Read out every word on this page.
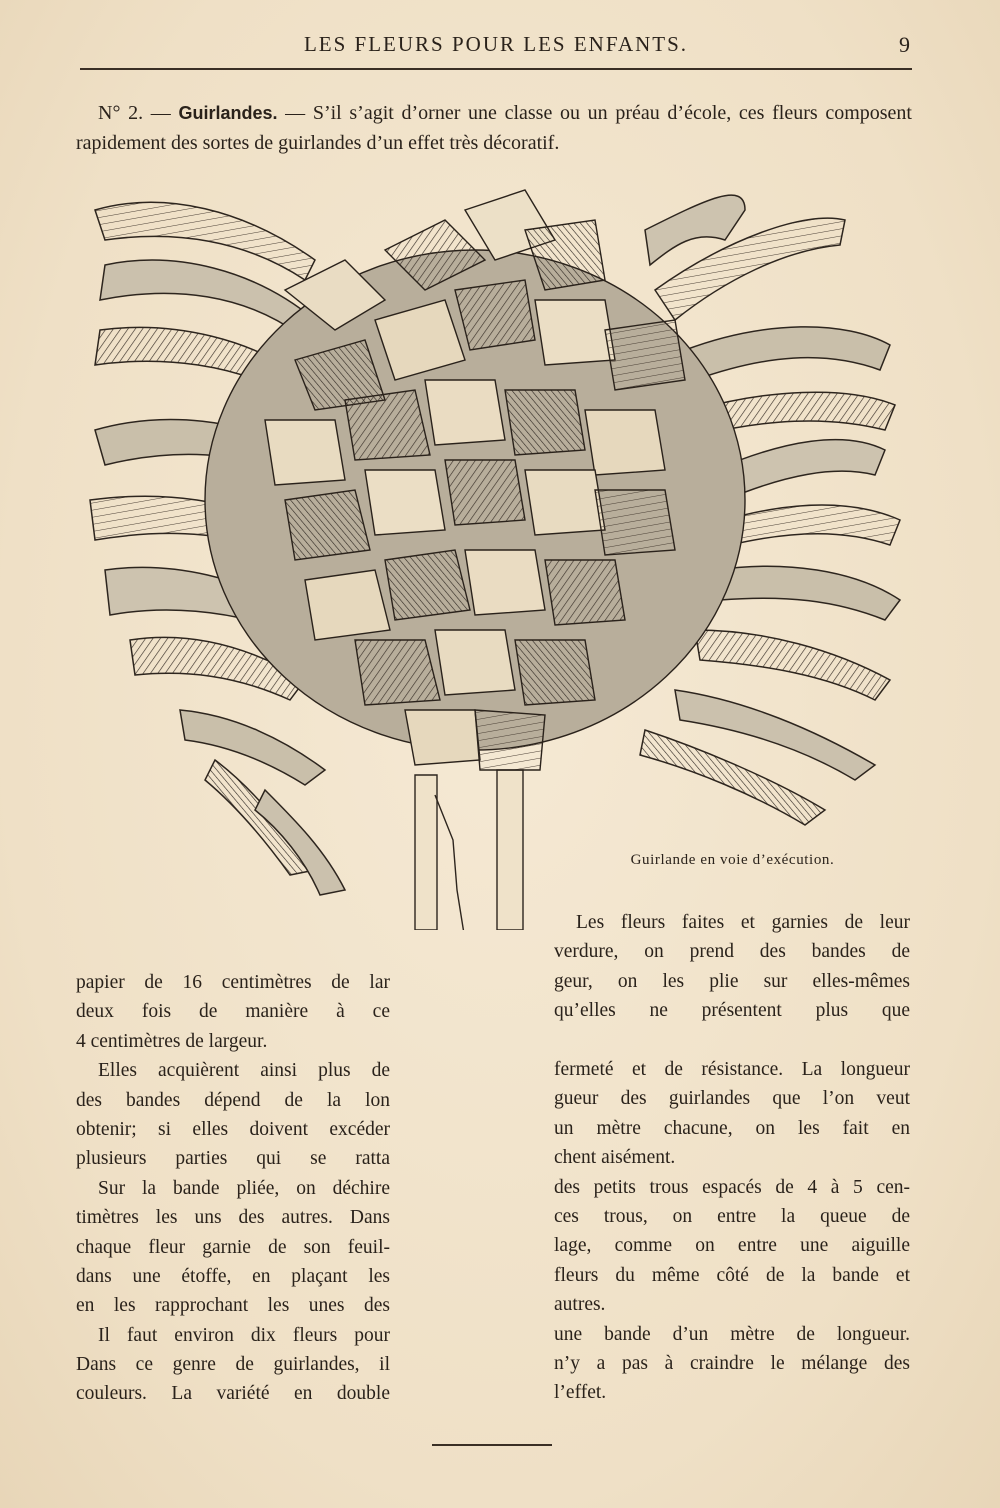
LES FLEURS POUR LES ENFANTS.	9

N° 2. — Guirlandes. — S’il s’agit d’orner une classe ou un préau d’école, ces fleurs composent rapidement des sortes de guirlandes d’un effet très décoratif.

Guirlande en voie d’exécution.
Les fleurs faites et garnies de leur
verdure, on prend des bandes de
geur, on les plie sur elles-mêmes
qu’elles ne présentent plus que
papier de 16 centimètres de lar
deux fois de manière à ce
4 centimètres de largeur.
Elles acquièrent ainsi plus de
des bandes dépend de la lon
obtenir; si elles doivent excéder
plusieurs parties qui se ratta
Sur la bande pliée, on déchire
timètres les uns des autres. Dans
chaque fleur garnie de son feuil-
dans une étoffe, en plaçant les
en les rapprochant les unes des
Il faut environ dix fleurs pour
Dans ce genre de guirlandes, il
couleurs. La variété en double
fermeté et de résistance. La longueur
gueur des guirlandes que l’on veut
un mètre chacune, on les fait en
chent aisément.
des petits trous espacés de 4 à 5 cen-
ces trous, on entre la queue de
lage, comme on entre une aiguille
fleurs du même côté de la bande et
autres.
une bande d’un mètre de longueur.
n’y a pas à craindre le mélange des
l’effet.
